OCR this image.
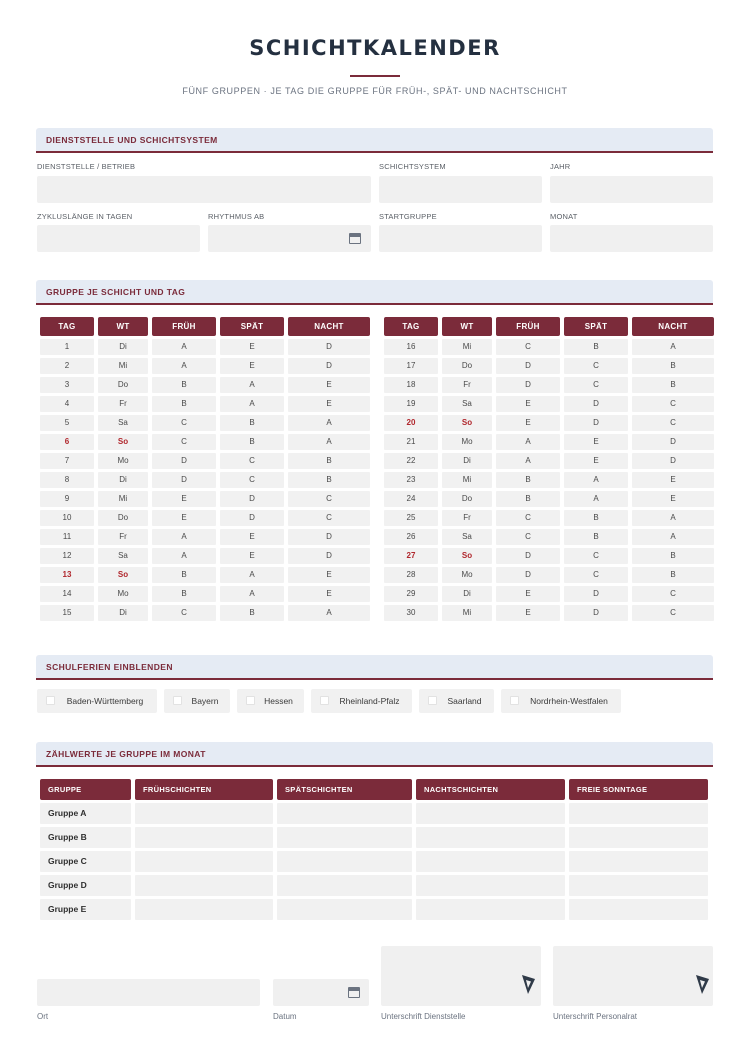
SCHICHTKALENDER
FÜNF GRUPPEN · JE TAG DIE GRUPPE FÜR FRÜH-, SPÄT- UND NACHTSCHICHT
DIENSTSTELLE UND SCHICHTSYSTEM
DIENSTSTELLE / BETRIEB	SCHICHTSYSTEM	JAHR
ZYKLUSLÄNGE IN TAGEN	RHYTHMUS AB	STARTGRUPPE	MONAT
GRUPPE JE SCHICHT UND TAG
TAG	WT	FRÜH	SPÄT	NACHT
1	Di	A	E	D
2	Mi	A	E	D
3	Do	B	A	E
4	Fr	B	A	E
5	Sa	C	B	A
6	So	C	B	A
7	Mo	D	C	B
8	Di	D	C	B
9	Mi	E	D	C
10	Do	E	D	C
11	Fr	A	E	D
12	Sa	A	E	D
13	So	B	A	E
14	Mo	B	A	E
15	Di	C	B	A
TAG	WT	FRÜH	SPÄT	NACHT
16	Mi	C	B	A
17	Do	D	C	B
18	Fr	D	C	B
19	Sa	E	D	C
20	So	E	D	C
21	Mo	A	E	D
22	Di	A	E	D
23	Mi	B	A	E
24	Do	B	A	E
25	Fr	C	B	A
26	Sa	C	B	A
27	So	D	C	B
28	Mo	D	C	B
29	Di	E	D	C
30	Mi	E	D	C
SCHULFERIEN EINBLENDEN
Baden-Württemberg	Bayern	Hessen	Rheinland-Pfalz	Saarland	Nordrhein-Westfalen
ZÄHLWERTE JE GRUPPE IM MONAT
GRUPPE	FRÜHSCHICHTEN	SPÄTSCHICHTEN	NACHTSCHICHTEN	FREIE SONNTAGE
Gruppe A
Gruppe B
Gruppe C
Gruppe D
Gruppe E
Ort	Datum	Unterschrift Dienststelle	Unterschrift Personalrat
